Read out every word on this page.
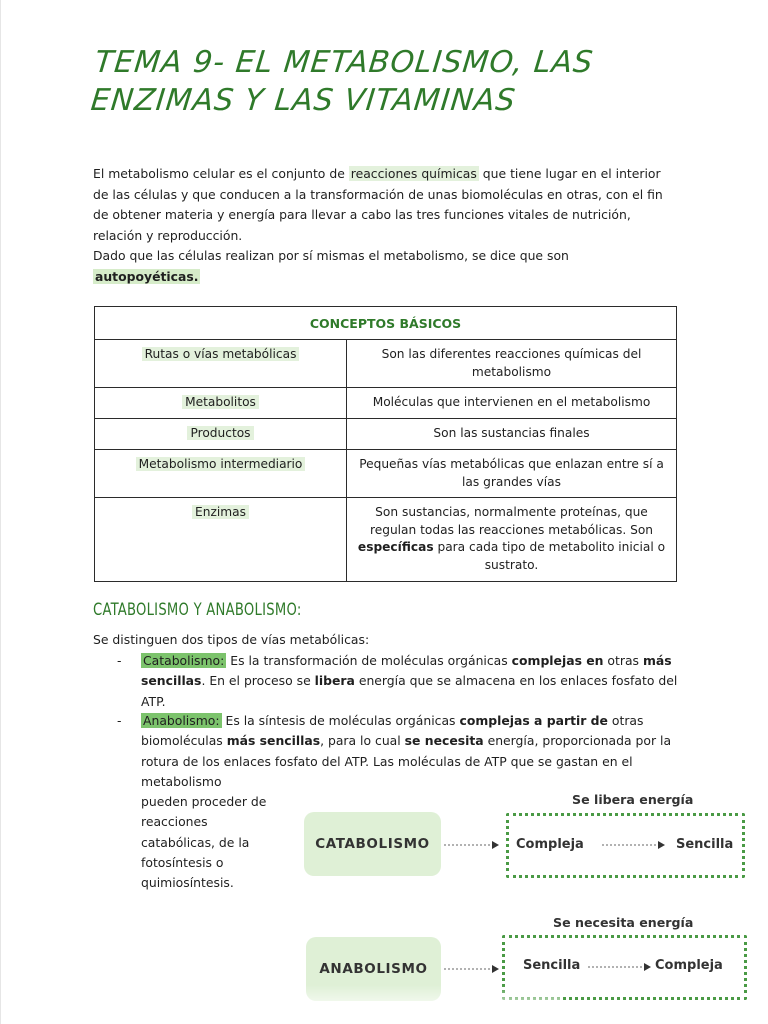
TEMA 9- EL METABOLISMO, LAS
ENZIMAS Y LAS VITAMINAS
El metabolismo celular es el conjunto de reacciones químicas que tiene lugar en el interior de las células y que conducen a la transformación de unas biomoléculas en otras, con el fin de obtener materia y energía para llevar a cabo las tres funciones vitales de nutrición, relación y reproducción.
Dado que las células realizan por sí mismas el metabolismo, se dice que son
autopoyéticas.
CONCEPTOS BÁSICOS	
Rutas o vías metabólicas	Son las diferentes reacciones químicas del metabolismo
Metabolitos	Moléculas que intervienen en el metabolismo
Productos	Son las sustancias finales
Metabolismo intermediario	Pequeñas vías metabólicas que enlazan entre sí a las grandes vías
Enzimas	Son sustancias, normalmente proteínas, que regulan todas las reacciones metabólicas. Son específicas para cada tipo de metabolito inicial o sustrato.
CATABOLISMO Y ANABOLISMO:
Se distinguen dos tipos de vías metabólicas:
- Catabolismo: Es la transformación de moléculas orgánicas complejas en otras más sencillas. En el proceso se libera energía que se almacena en los enlaces fosfato del ATP.
- Anabolismo: Es la síntesis de moléculas orgánicas complejas a partir de otras biomoléculas más sencillas, para lo cual se necesita energía, proporcionada por la rotura de los enlaces fosfato del ATP. Las moléculas de ATP que se gastan en el metabolismo
pueden proceder de reacciones catabólicas, de la fotosíntesis o quimiosíntesis.
CATABOLISMO
Se libera energía
Compleja	Sencilla
ANABOLISMO
Se necesita energía
Sencilla	Compleja
